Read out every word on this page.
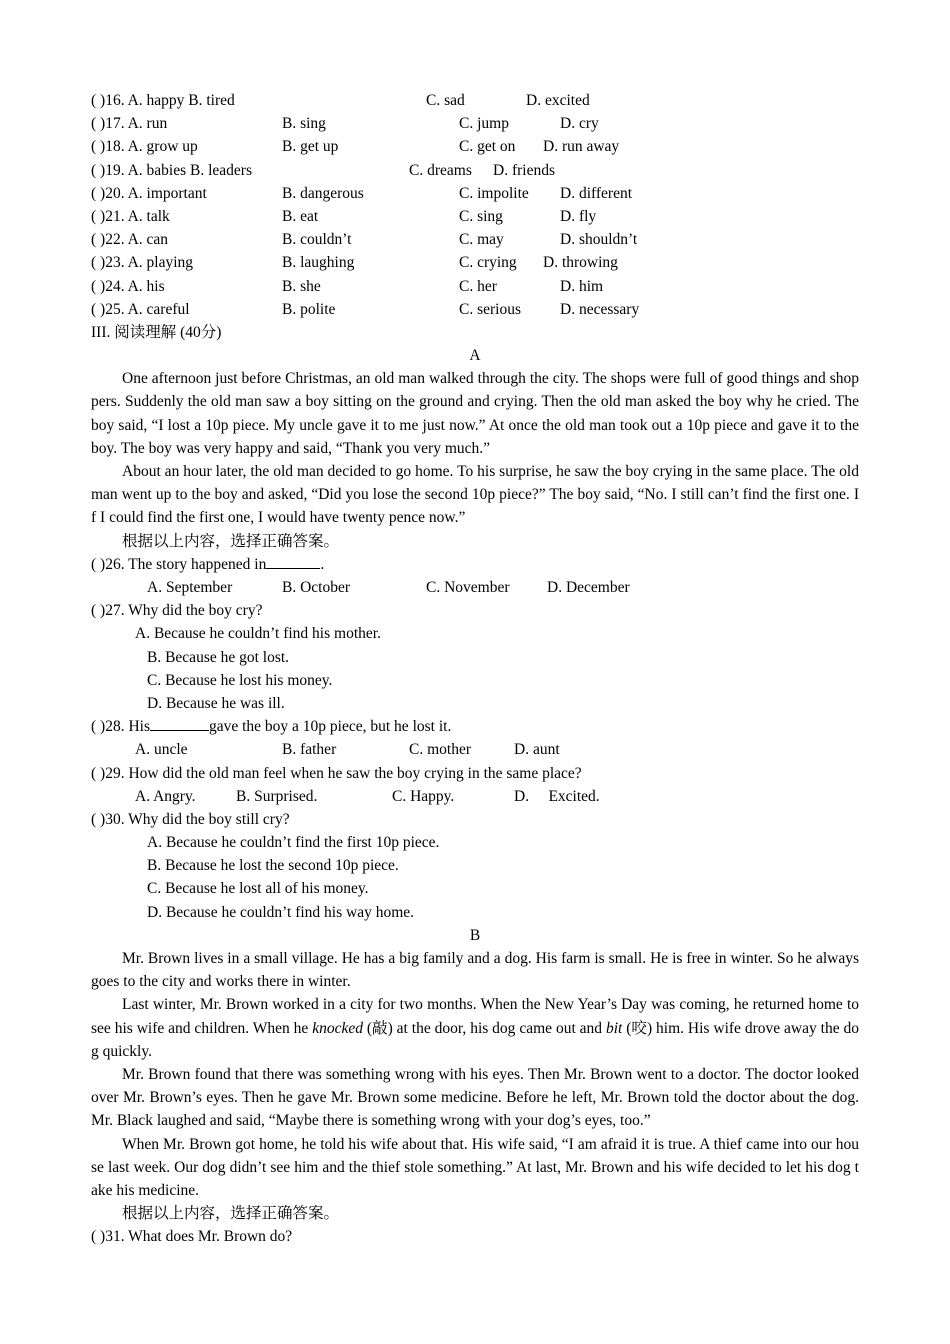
( )16. A. happy B. tired	C. sad	D. excited
( )17. A. run	B. sing	C. jump	D. cry
( )18. A. grow up	B. get up	C. get on D. run away
( )19. A. babies B. leaders	C. dreams D. friends
( )20. A. important	B. dangerous	C. impolite D. different
( )21. A. talk	B. eat	C. sing	D. fly
( )22. A. can	B. couldn’t	C. may	D. shouldn’t
( )23. A. playing	B. laughing	C. crying D. throwing
( )24. A. his	B. she	C. her	D. him
( )25. A. careful	B. polite	C. serious	D. necessary
III. 阅读理解 (40分)
A
One afternoon just before Christmas, an old man walked through the city. The shops were full of good things and shoppers. Suddenly the old man saw a boy sitting on the ground and crying. Then the old man asked the boy why he cried. The boy said, “I lost a 10p piece. My uncle gave it to me just now.” At once the old man took out a 10p piece and gave it to the boy. The boy was very happy and said, “Thank you very much.”
About an hour later, the old man decided to go home. To his surprise, he saw the boy crying in the same place. The old man went up to the boy and asked, “Did you lose the second 10p piece?” The boy said, “No. I still can’t find the first one. If I could find the first one, I would have twenty pence now.”
根据以上内容，选择正确答案。
( )26. The story happened in	.
A. September	B. October	C. November D. December
( )27. Why did the boy cry?
A. Because he couldn’t find his mother.
B. Because he got lost.
C. Because he lost his money.
D. Because he was ill.
( )28. His	gave the boy a 10p piece, but he lost it.
A. uncle	B. father	C. mother	D. aunt
( )29. How did the old man feel when he saw the boy crying in the same place?
A. Angry.	B. Surprised.	C. Happy.	D.     Excited.
( )30. Why did the boy still cry?
A. Because he couldn’t find the first 10p piece.
B. Because he lost the second 10p piece.
C. Because he lost all of his money.
D. Because he couldn’t find his way home.
B
Mr. Brown lives in a small village. He has a big family and a dog. His farm is small. He is free in winter. So he always goes to the city and works there in winter.
Last winter, Mr. Brown worked in a city for two months. When the New Year’s Day was coming, he returned home to see his wife and children. When he knocked (敲) at the door, his dog came out and bit (咬) him. His wife drove away the dog quickly.
Mr. Brown found that there was something wrong with his eyes. Then Mr. Brown went to a doctor. The doctor looked over Mr. Brown’s eyes. Then he gave Mr. Brown some medicine. Before he left, Mr. Brown told the doctor about the dog. Mr. Black laughed and said, “Maybe there is something wrong with your dog’s eyes, too.”
When Mr. Brown got home, he told his wife about that. His wife said, “I am afraid it is true. A thief came into our house last week. Our dog didn’t see him and the thief stole something.” At last, Mr. Brown and his wife decided to let his dog take his medicine.
根据以上内容，选择正确答案。
( )31. What does Mr. Brown do?
